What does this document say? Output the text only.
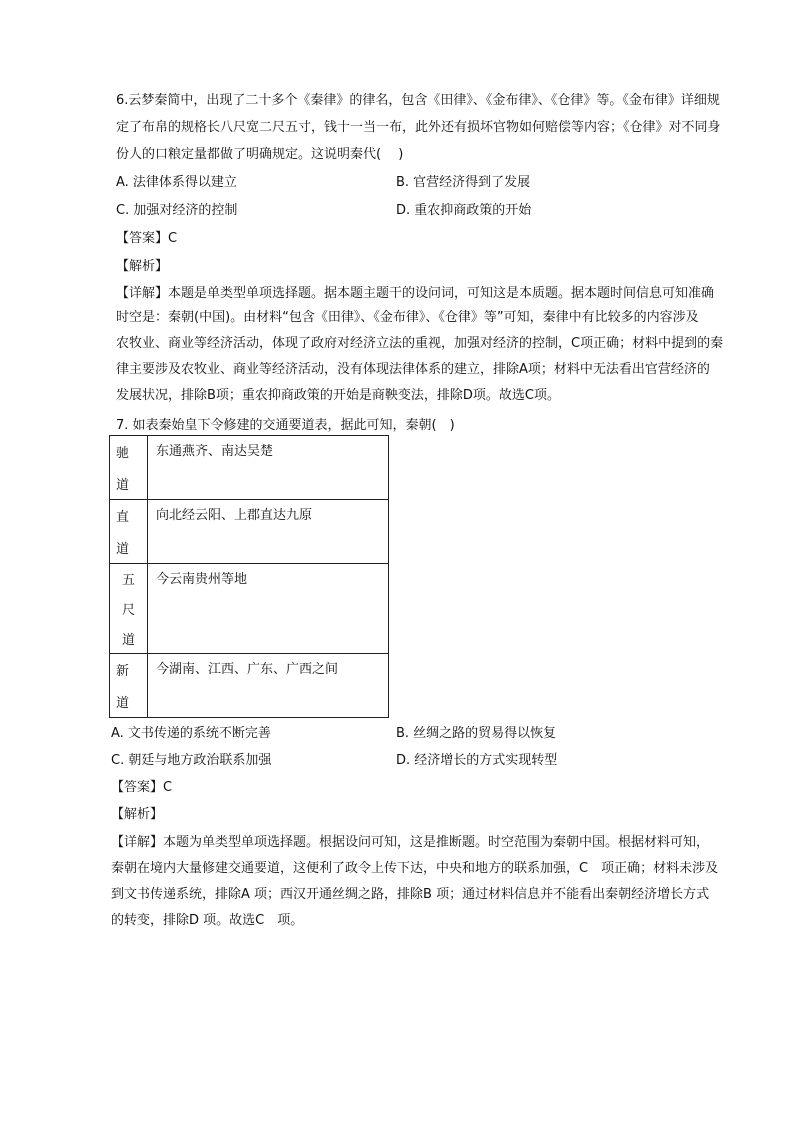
6.云梦秦简中，出现了二十多个《秦律》的律名，包含《田律》、《金布律》、《仓律》等。《金布律》详细规
定了布帛的规格长八尺宽二尺五寸，钱十一当一布，此外还有损坏官物如何赔偿等内容；《仓律》对不同身
份人的口粮定量都做了明确规定。这说明秦代(　 )
A. 法律体系得以建立	B. 官营经济得到了发展
C. 加强对经济的控制	D. 重农抑商政策的开始
【答案】C
【解析】
【详解】本题是单类型单项选择题。据本题主题干的设问词，可知这是本质题。据本题时间信息可知准确
时空是：秦朝(中国)。由材料“包含《田律》、《金布律》、《仓律》等”可知，秦律中有比较多的内容涉及
农牧业、商业等经济活动，体现了政府对经济立法的重视，加强对经济的控制，C项正确；材料中提到的秦
律主要涉及农牧业、商业等经济活动，没有体现法律体系的建立，排除A项；材料中无法看出官营经济的
发展状况，排除B项；重农抑商政策的开始是商鞅变法，排除D项。故选C项。
7. 如表秦始皇下令修建的交通要道表，据此可知，秦朝(　)
驰
道	东通燕齐、南达吴楚

直
道	向北经云阳、上郡直达九原

五
尺
道	今云南贵州等地

新
道	今湖南、江西、广东、广西之间
A. 文书传递的系统不断完善	B. 丝绸之路的贸易得以恢复
C. 朝廷与地方政治联系加强	D. 经济增长的方式实现转型
【答案】C
【解析】
【详解】本题为单类型单项选择题。根据设问可知，这是推断题。时空范围为秦朝中国。根据材料可知，
秦朝在境内大量修建交通要道，这便利了政令上传下达，中央和地方的联系加强，C　项正确；材料未涉及
到文书传递系统，排除A 项；西汉开通丝绸之路，排除B 项；通过材料信息并不能看出秦朝经济增长方式
的转变，排除D 项。故选C　项。
